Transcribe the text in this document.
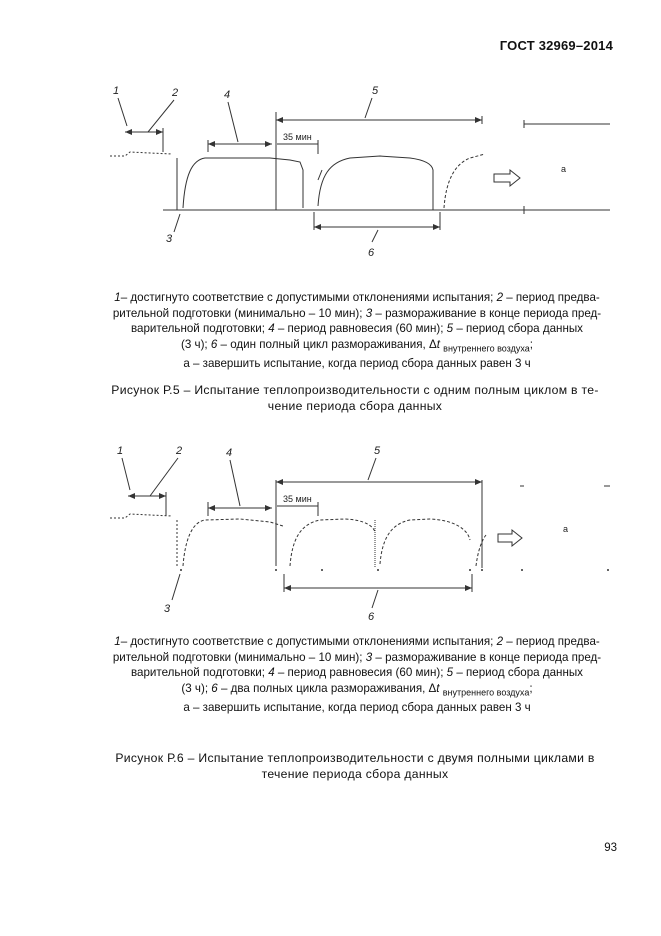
ГОСТ 32969–2014
1	2	4	5
3
6
35 мин
а
1– достигнуто соответствие с допустимыми отклонениями испытания; 2 – период предва-
рительной подготовки (минимально – 10 мин); 3 – размораживание в конце периода пред-
варительной подготовки; 4 – период равновесия (60 мин); 5 – период сбора данных
(3 ч); 6 – один полный цикл размораживания, Δt $_{внутреннего воздуха}$;
а – завершить испытание, когда период сбора данных равен 3 ч
Рисунок Р.5 – Испытание теплопроизводительности с одним полным циклом в те-
чение периода сбора данных
1	2	4	5
3
6
35 мин
а
1– достигнуто соответствие с допустимыми отклонениями испытания; 2 – период предва-
рительной подготовки (минимально – 10 мин); 3 – размораживание в конце периода пред-
варительной подготовки; 4 – период равновесия (60 мин); 5 – период сбора данных
(3 ч); 6 – два полных цикла размораживания, Δt $_{внутреннего воздуха}$;
а – завершить испытание, когда период сбора данных равен 3 ч
Рисунок Р.6 – Испытание теплопроизводительности с двумя полными циклами в
течение периода сбора данных
93
